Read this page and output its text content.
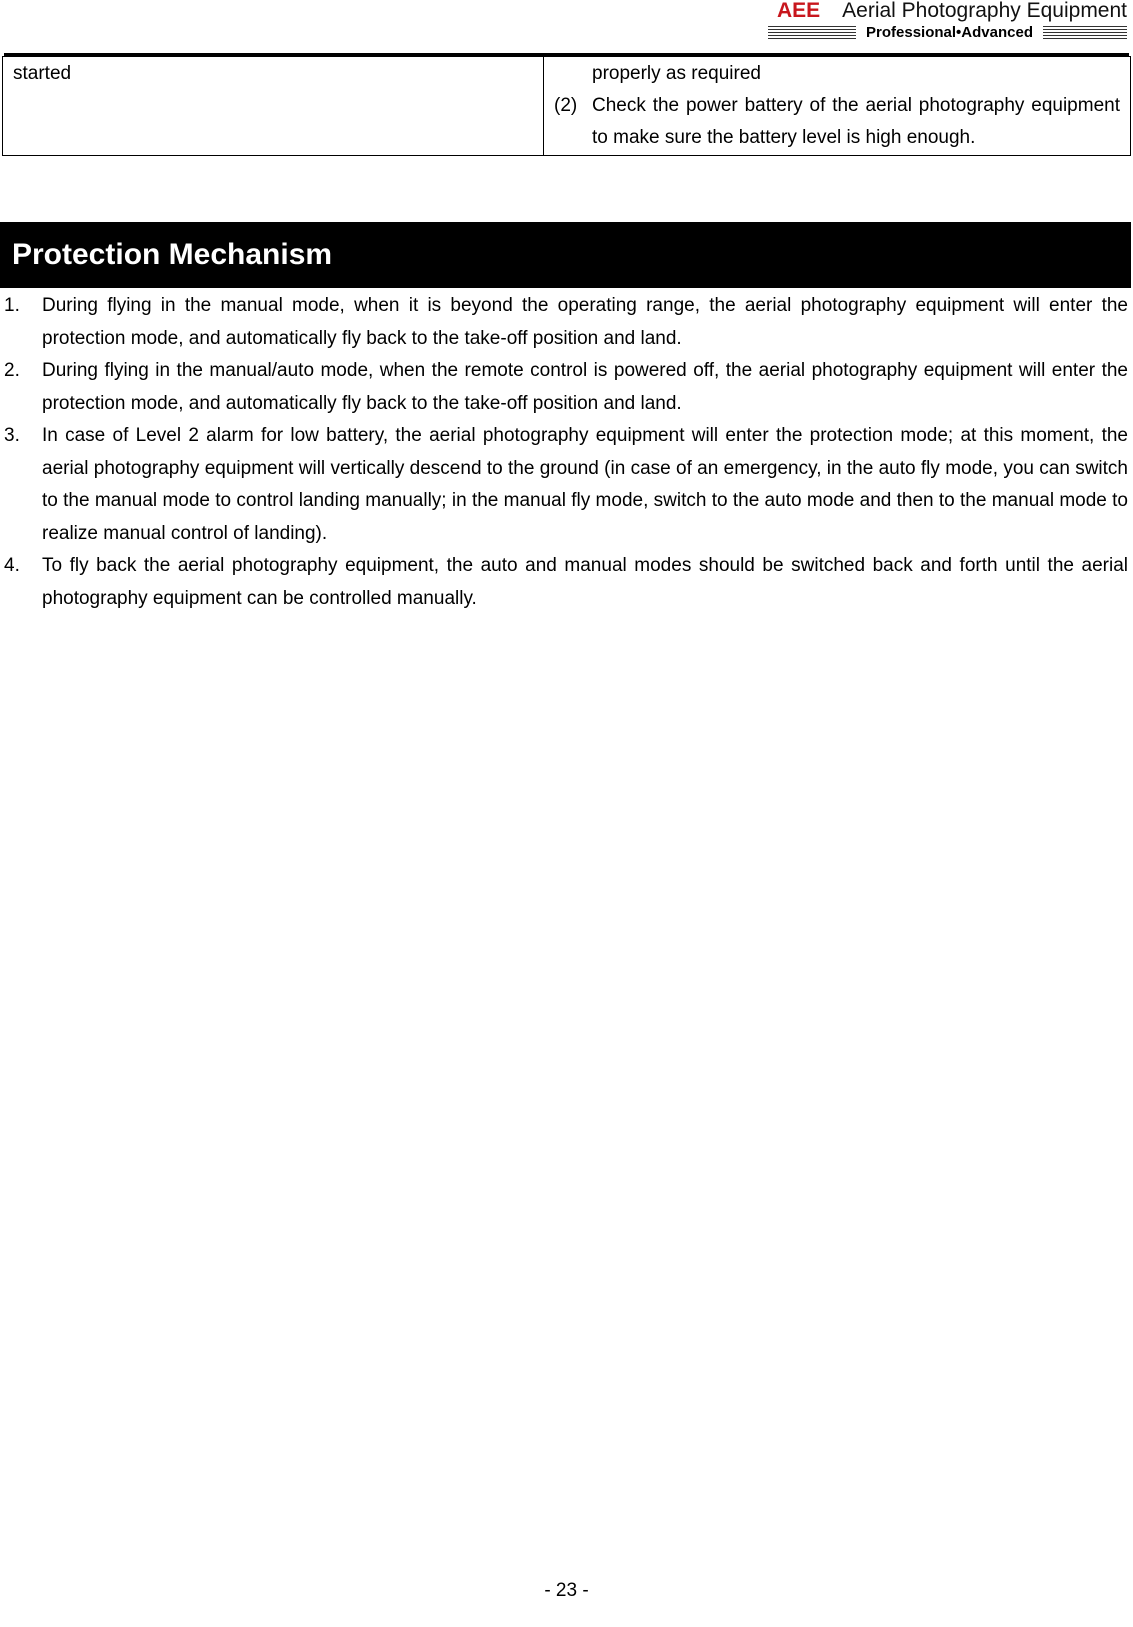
AEE Aerial Photography Equipment
Professional•Advanced
started	properly as required
(2) Check the power battery of the aerial photography equipment to make sure the battery level is high enough.
Protection Mechanism
1.	During flying in the manual mode, when it is beyond the operating range, the aerial photography equipment will enter the protection mode, and automatically fly back to the take-off position and land.
2.	During flying in the manual/auto mode, when the remote control is powered off, the aerial photography equipment will enter the protection mode, and automatically fly back to the take-off position and land.
3.	In case of Level 2 alarm for low battery, the aerial photography equipment will enter the protection mode; at this moment, the aerial photography equipment will vertically descend to the ground (in case of an emergency, in the auto fly mode, you can switch to the manual mode to control landing manually; in the manual fly mode, switch to the auto mode and then to the manual mode to realize manual control of landing).
4.	To fly back the aerial photography equipment, the auto and manual modes should be switched back and forth until the aerial photography equipment can be controlled manually.
- 23 -
